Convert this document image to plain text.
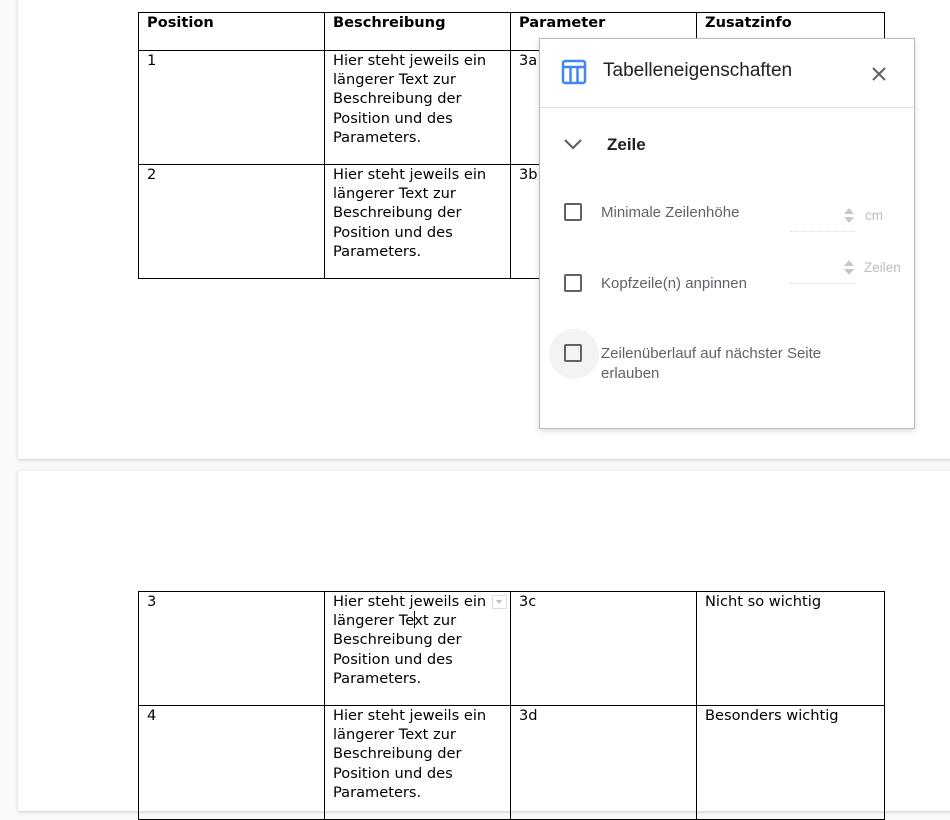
Position	Beschreibung	Parameter	Zusatzinfo

1	Hier steht jeweils ein längerer Text zur Beschreibung der Position und des Parameters.	3a	

2	Hier steht jeweils ein längerer Text zur Beschreibung der Position und des Parameters.	3b	

3	Hier steht jeweils ein längerer Text zur Beschreibung der Position und des Parameters.	3c	Nicht so wichtig

4	Hier steht jeweils ein längerer Text zur Beschreibung der Position und des Parameters.	3d	Besonders wichtig
Tabelleneigenschaften
Zeile
Minimale Zeilenhöhe	cm
Kopfzeile(n) anpinnen
Zeilen
Zeilenüberlauf auf nächster Seite erlauben
